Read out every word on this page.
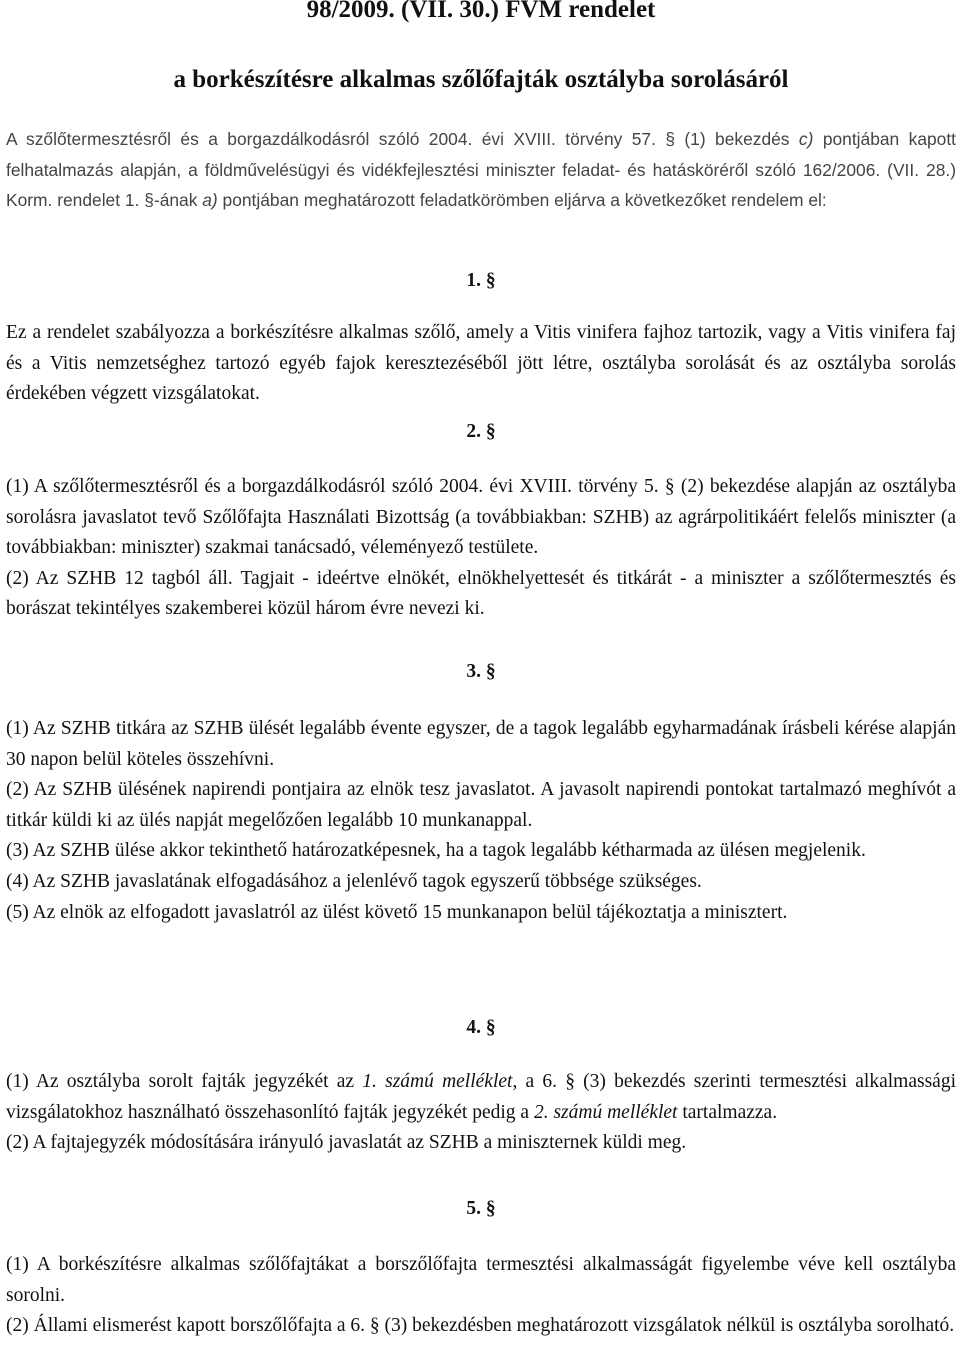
98/2009. (VII. 30.) FVM rendelet
a borkészítésre alkalmas szőlőfajták osztályba sorolásáról

A szőlőtermesztésről és a borgazdálkodásról szóló 2004. évi XVIII. törvény 57. § (1) bekezdés c) pontjában kapott felhatalmazás alapján, a földművelésügyi és vidékfejlesztési miniszter feladat- és hatásköréről szóló 162/2006. (VII. 28.) Korm. rendelet 1. §-ának a) pontjában meghatározott feladatkörömben eljárva a következőket rendelem el:

1. §

Ez a rendelet szabályozza a borkészítésre alkalmas szőlő, amely a Vitis vinifera fajhoz tartozik, vagy a Vitis vinifera faj és a Vitis nemzetséghez tartozó egyéb fajok keresztezéséből jött létre, osztályba sorolását és az osztályba sorolás érdekében végzett vizsgálatokat.

2. §

(1) A szőlőtermesztésről és a borgazdálkodásról szóló 2004. évi XVIII. törvény 5. § (2) bekezdése alapján az osztályba sorolásra javaslatot tevő Szőlőfajta Használati Bizottság (a továbbiakban: SZHB) az agrárpolitikáért felelős miniszter (a továbbiakban: miniszter) szakmai tanácsadó, véleményező testülete.

(2) Az SZHB 12 tagból áll. Tagjait - ideértve elnökét, elnökhelyettesét és titkárát - a miniszter a szőlőtermesztés és borászat tekintélyes szakemberei közül három évre nevezi ki.

3. §

(1) Az SZHB titkára az SZHB ülését legalább évente egyszer, de a tagok legalább egyharmadának írásbeli kérése alapján 30 napon belül köteles összehívni.

(2) Az SZHB ülésének napirendi pontjaira az elnök tesz javaslatot. A javasolt napirendi pontokat tartalmazó meghívót a titkár küldi ki az ülés napját megelőzően legalább 10 munkanappal.

(3) Az SZHB ülése akkor tekinthető határozatképesnek, ha a tagok legalább kétharmada az ülésen megjelenik.

(4) Az SZHB javaslatának elfogadásához a jelenlévő tagok egyszerű többsége szükséges.

(5) Az elnök az elfogadott javaslatról az ülést követő 15 munkanapon belül tájékoztatja a minisztert.

4. §

(1) Az osztályba sorolt fajták jegyzékét az 1. számú melléklet, a 6. § (3) bekezdés szerinti termesztési alkalmassági vizsgálatokhoz használható összehasonlító fajták jegyzékét pedig a 2. számú melléklet tartalmazza.

(2) A fajtajegyzék módosítására irányuló javaslatát az SZHB a miniszternek küldi meg.

5. §

(1) A borkészítésre alkalmas szőlőfajtákat a borszőlőfajta termesztési alkalmasságát figyelembe véve kell osztályba sorolni.

(2) Állami elismerést kapott borszőlőfajta a 6. § (3) bekezdésben meghatározott vizsgálatok nélkül is osztályba sorolható.
